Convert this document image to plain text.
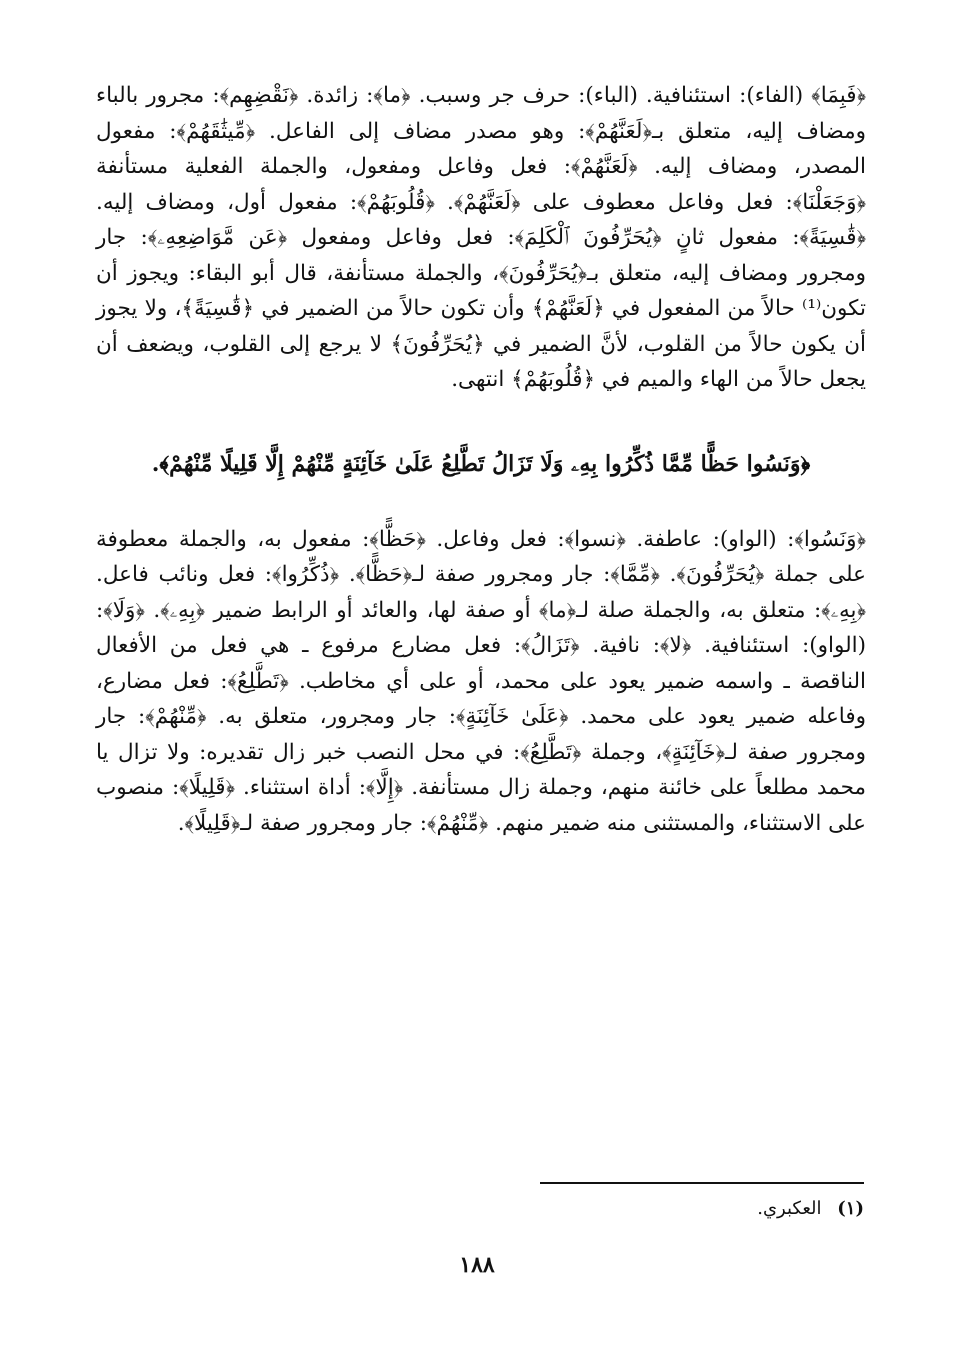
﴿فَبِمَا﴾ (الفاء): استئنافية. (الباء): حرف جر وسبب. ﴿ما﴾: زائدة. ﴿نَقْضِهِم﴾: مجرور بالباء ومضاف إليه، متعلق بـ﴿لَعَنَّهُمْ﴾: وهو مصدر مضاف إلى الفاعل. ﴿مِّيثَٰقَهُمْ﴾: مفعول المصدر، ومضاف إليه. ﴿لَعَنَّهُمْ﴾: فعل وفاعل ومفعول، والجملة الفعلية مستأنفة ﴿وَجَعَلْنَا﴾: فعل وفاعل معطوف على ﴿لَعَنَّهُمْ﴾. ﴿قُلُوبَهُمْ﴾: مفعول أول، ومضاف إليه. ﴿قَٰسِيَةً﴾: مفعول ثانٍ ﴿يُحَرِّفُونَ ٱلْكَلِمَ﴾: فعل وفاعل ومفعول ﴿عَن مَّوَاضِعِهِۦ﴾: جار ومجرور ومضاف إليه، متعلق بـ﴿يُحَرِّفُونَ﴾، والجملة مستأنفة، قال أبو البقاء: ويجوز أن تكون⁽¹⁾ حالاً من المفعول في ﴿لَعَنَّهُمْ﴾ وأن تكون حالاً من الضمير في ﴿قَٰسِيَةً﴾، ولا يجوز أن يكون حالاً من القلوب، لأنَّ الضمير في ﴿يُحَرِّفُونَ﴾ لا يرجع إلى القلوب، ويضعف أن يجعل حالاً من الهاء والميم في ﴿قُلُوبَهُمْ﴾ انتهى.

﴿وَنَسُوا حَظًّا مِّمَّا ذُكِّرُوا بِهِۦ وَلَا تَزَالُ تَطَّلِعُ عَلَىٰ خَآئِنَةٍ مِّنْهُمْ إِلَّا قَلِيلًا مِّنْهُمْ﴾.

﴿وَنَسُوا﴾: (الواو): عاطفة. ﴿نسوا﴾: فعل وفاعل. ﴿حَظًّا﴾: مفعول به، والجملة معطوفة على جملة ﴿يُحَرِّفُونَ﴾. ﴿مِّمَّا﴾: جار ومجرور صفة لـ﴿حَظًّا﴾. ﴿ذُكِّرُوا﴾: فعل ونائب فاعل. ﴿بِهِۦ﴾: متعلق به، والجملة صلة لـ﴿ما﴾ أو صفة لها، والعائد أو الرابط ضمير ﴿بِهِۦ﴾. ﴿وَلَا﴾: (الواو): استئنافية. ﴿لا﴾: نافية. ﴿تَزَالُ﴾: فعل مضارع مرفوع ـ هي فعل من الأفعال الناقصة ـ واسمه ضمير يعود على محمد، أو على أي مخاطب. ﴿تَطَّلِعُ﴾: فعل مضارع، وفاعله ضمير يعود على محمد. ﴿عَلَىٰ خَآئِنَةٍ﴾: جار ومجرور، متعلق به. ﴿مِّنْهُمْ﴾: جار ومجرور صفة لـ﴿خَآئِنَةٍ﴾، وجملة ﴿تَطَّلِعُ﴾: في محل النصب خبر زال تقديره: ولا تزال يا محمد مطلعاً على خائنة منهم، وجملة زال مستأنفة. ﴿إِلَّا﴾: أداة استثناء. ﴿قَلِيلًا﴾: منصوب على الاستثناء، والمستثنى منه ضمير منهم. ﴿مِّنْهُمْ﴾: جار ومجرور صفة لـ﴿قَلِيلًا﴾.

(١) العكبري.
١٨٨
